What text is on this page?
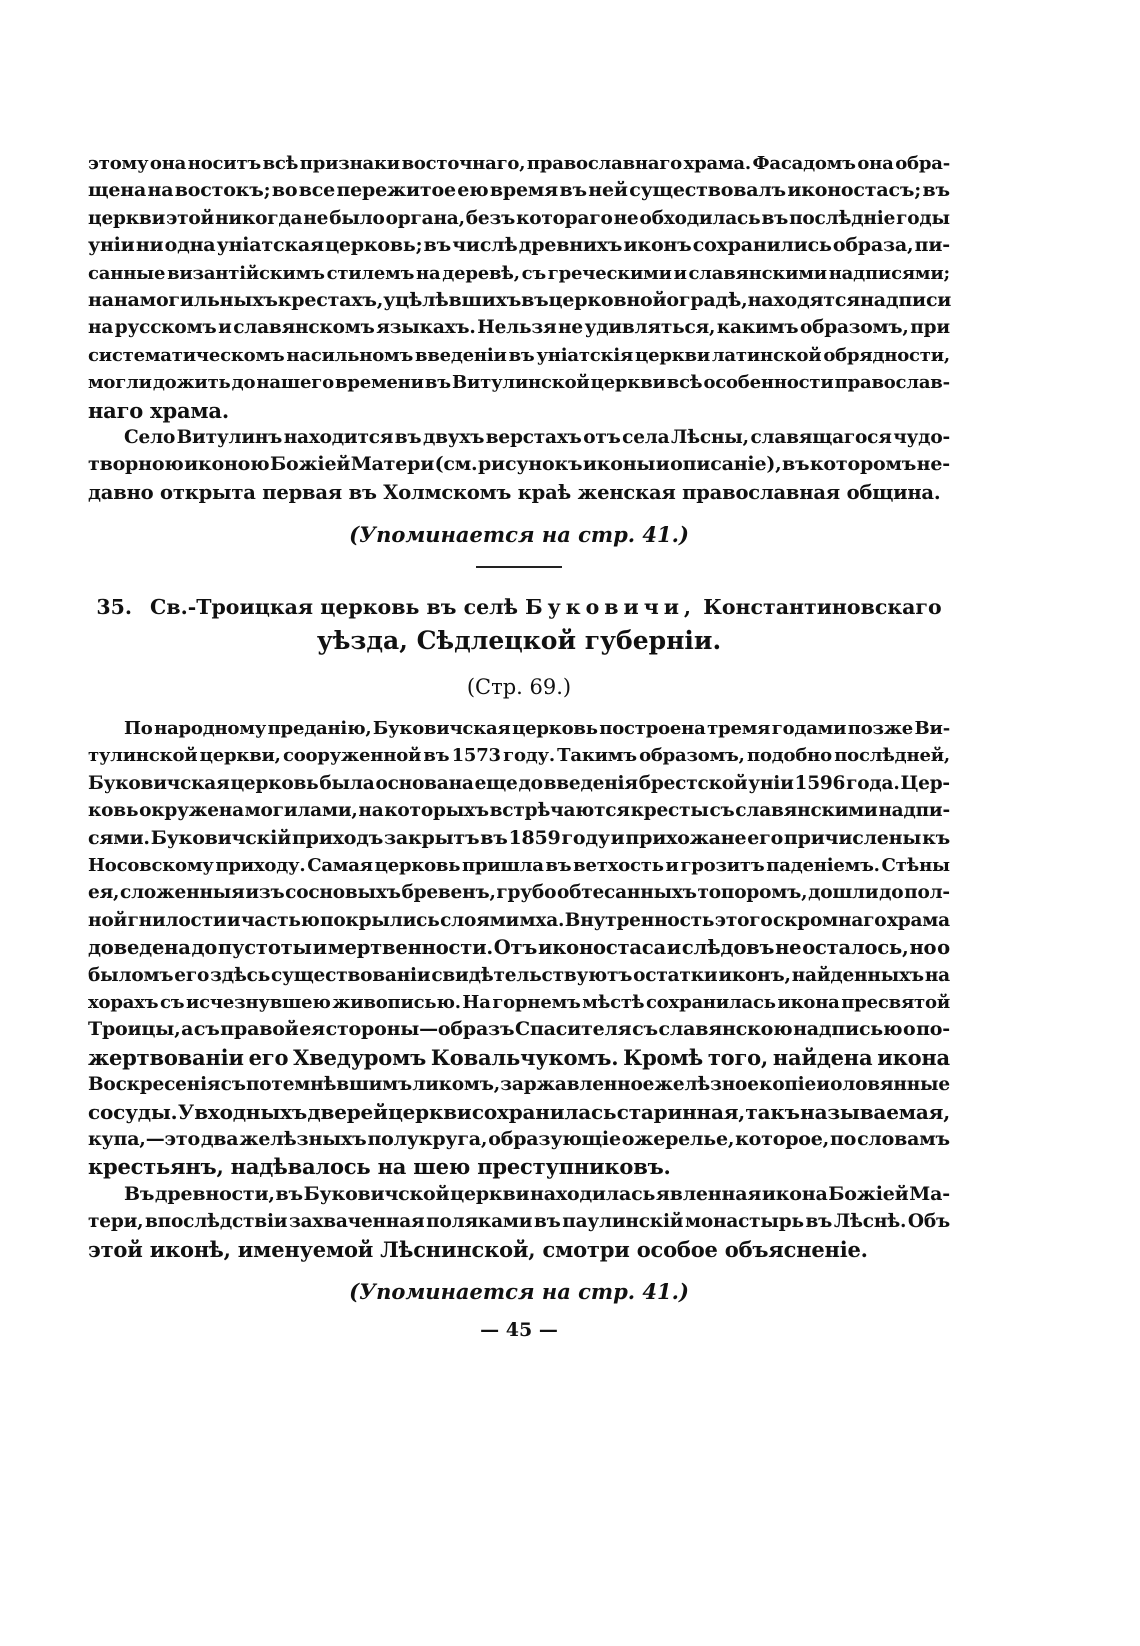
этому она носитъ всѣ признаки восточнаго, православнаго храма. Фасадомъ она обра-
щена на востокъ; во все пережитое ею время въ ней существовалъ иконостасъ; въ
церкви этой никогда не было органа, безъ котораго не обходилась въ послѣдніе годы
уніи ни одна уніатская церковь; въ числѣ древнихъ иконъ сохранились образа, пи-
санные византійскимъ стилемъ на деревѣ, съ греческими и славянскими надписями;
на намогильныхъ крестахъ, уцѣлѣвшихъ въ церковной оградѣ, находятся надписи
на русскомъ и славянскомъ языкахъ. Нельзя не удивляться, какимъ образомъ, при
систематическомъ насильномъ введеніи въ уніатскія церкви латинской обрядности,
могли дожить до нашего времени въ Витулинской церкви всѣ особенности православ-
наго храма.
Село Витулинъ находится въ двухъ верстахъ отъ села Лѣсны, славящагося чудо-
творною иконою Божіей Матери (см. рисунокъ иконы и описаніе), въ которомъ не-
давно открыта первая въ Холмскомъ краѣ женская православная община.
(Упоминается на стр. 41.)
35. Св.-Троицкая церковь въ селѣ Буковичи, Константиновскаго
уѣзда, Сѣдлецкой губерніи.
(Стр. 69.)
По народному преданію, Буковичская церковь построена тремя годами позже Ви-
тулинской церкви, сооруженной въ 1573 году. Такимъ образомъ, подобно послѣдней,
Буковичская церковь была основана еще до введенія брестской уніи 1596 года. Цер-
ковь окружена могилами, на которыхъ встрѣчаются кресты съ славянскими надпи-
сями. Буковичскій приходъ закрытъ въ 1859 году и прихожане его причислены къ
Носовскому приходу. Самая церковь пришла въ ветхость и грозитъ паденіемъ. Стѣны
ея, сложенныя изъ сосновыхъ бревенъ, грубо обтесанныхъ топоромъ, дошли до пол-
ной гнилости и частью покрылись слоями мха. Внутренность этого скромнаго храма
доведена до пустоты и мертвенности. Отъ иконостаса и слѣдовъ не осталось, но о
быломъ его здѣсь существованіи свидѣтельствуютъ остатки иконъ, найденныхъ на
хорахъ съ исчезнувшею живописью. На горнемъ мѣстѣ сохранилась икона пресвятой
Троицы, а съ правой ея стороны—образъ Спасителя съ славянскою надписью о по-
жертвованіи его Хведуромъ Ковальчукомъ. Кромѣ того, найдена икона
Воскресенія съ потемнѣвшимъ ликомъ, заржавленное желѣзное копіе и оловянные
сосуды. У входныхъ дверей церкви сохранилась старинная, такъ называемая,
купа,—это два желѣзныхъ полукруга, образующіе ожерелье, которое, по словамъ
крестьянъ, надѣвалось на шею преступниковъ.
Въ древности, въ Буковичской церкви находилась явленная икона Божіей Ма-
тери, впослѣдствіи захваченная поляками въ паулинскій монастырь въ Лѣснѣ. Объ
этой иконѣ, именуемой Лѣснинской, смотри особое объясненіе.
(Упоминается на стр. 41.)
— 45 —
